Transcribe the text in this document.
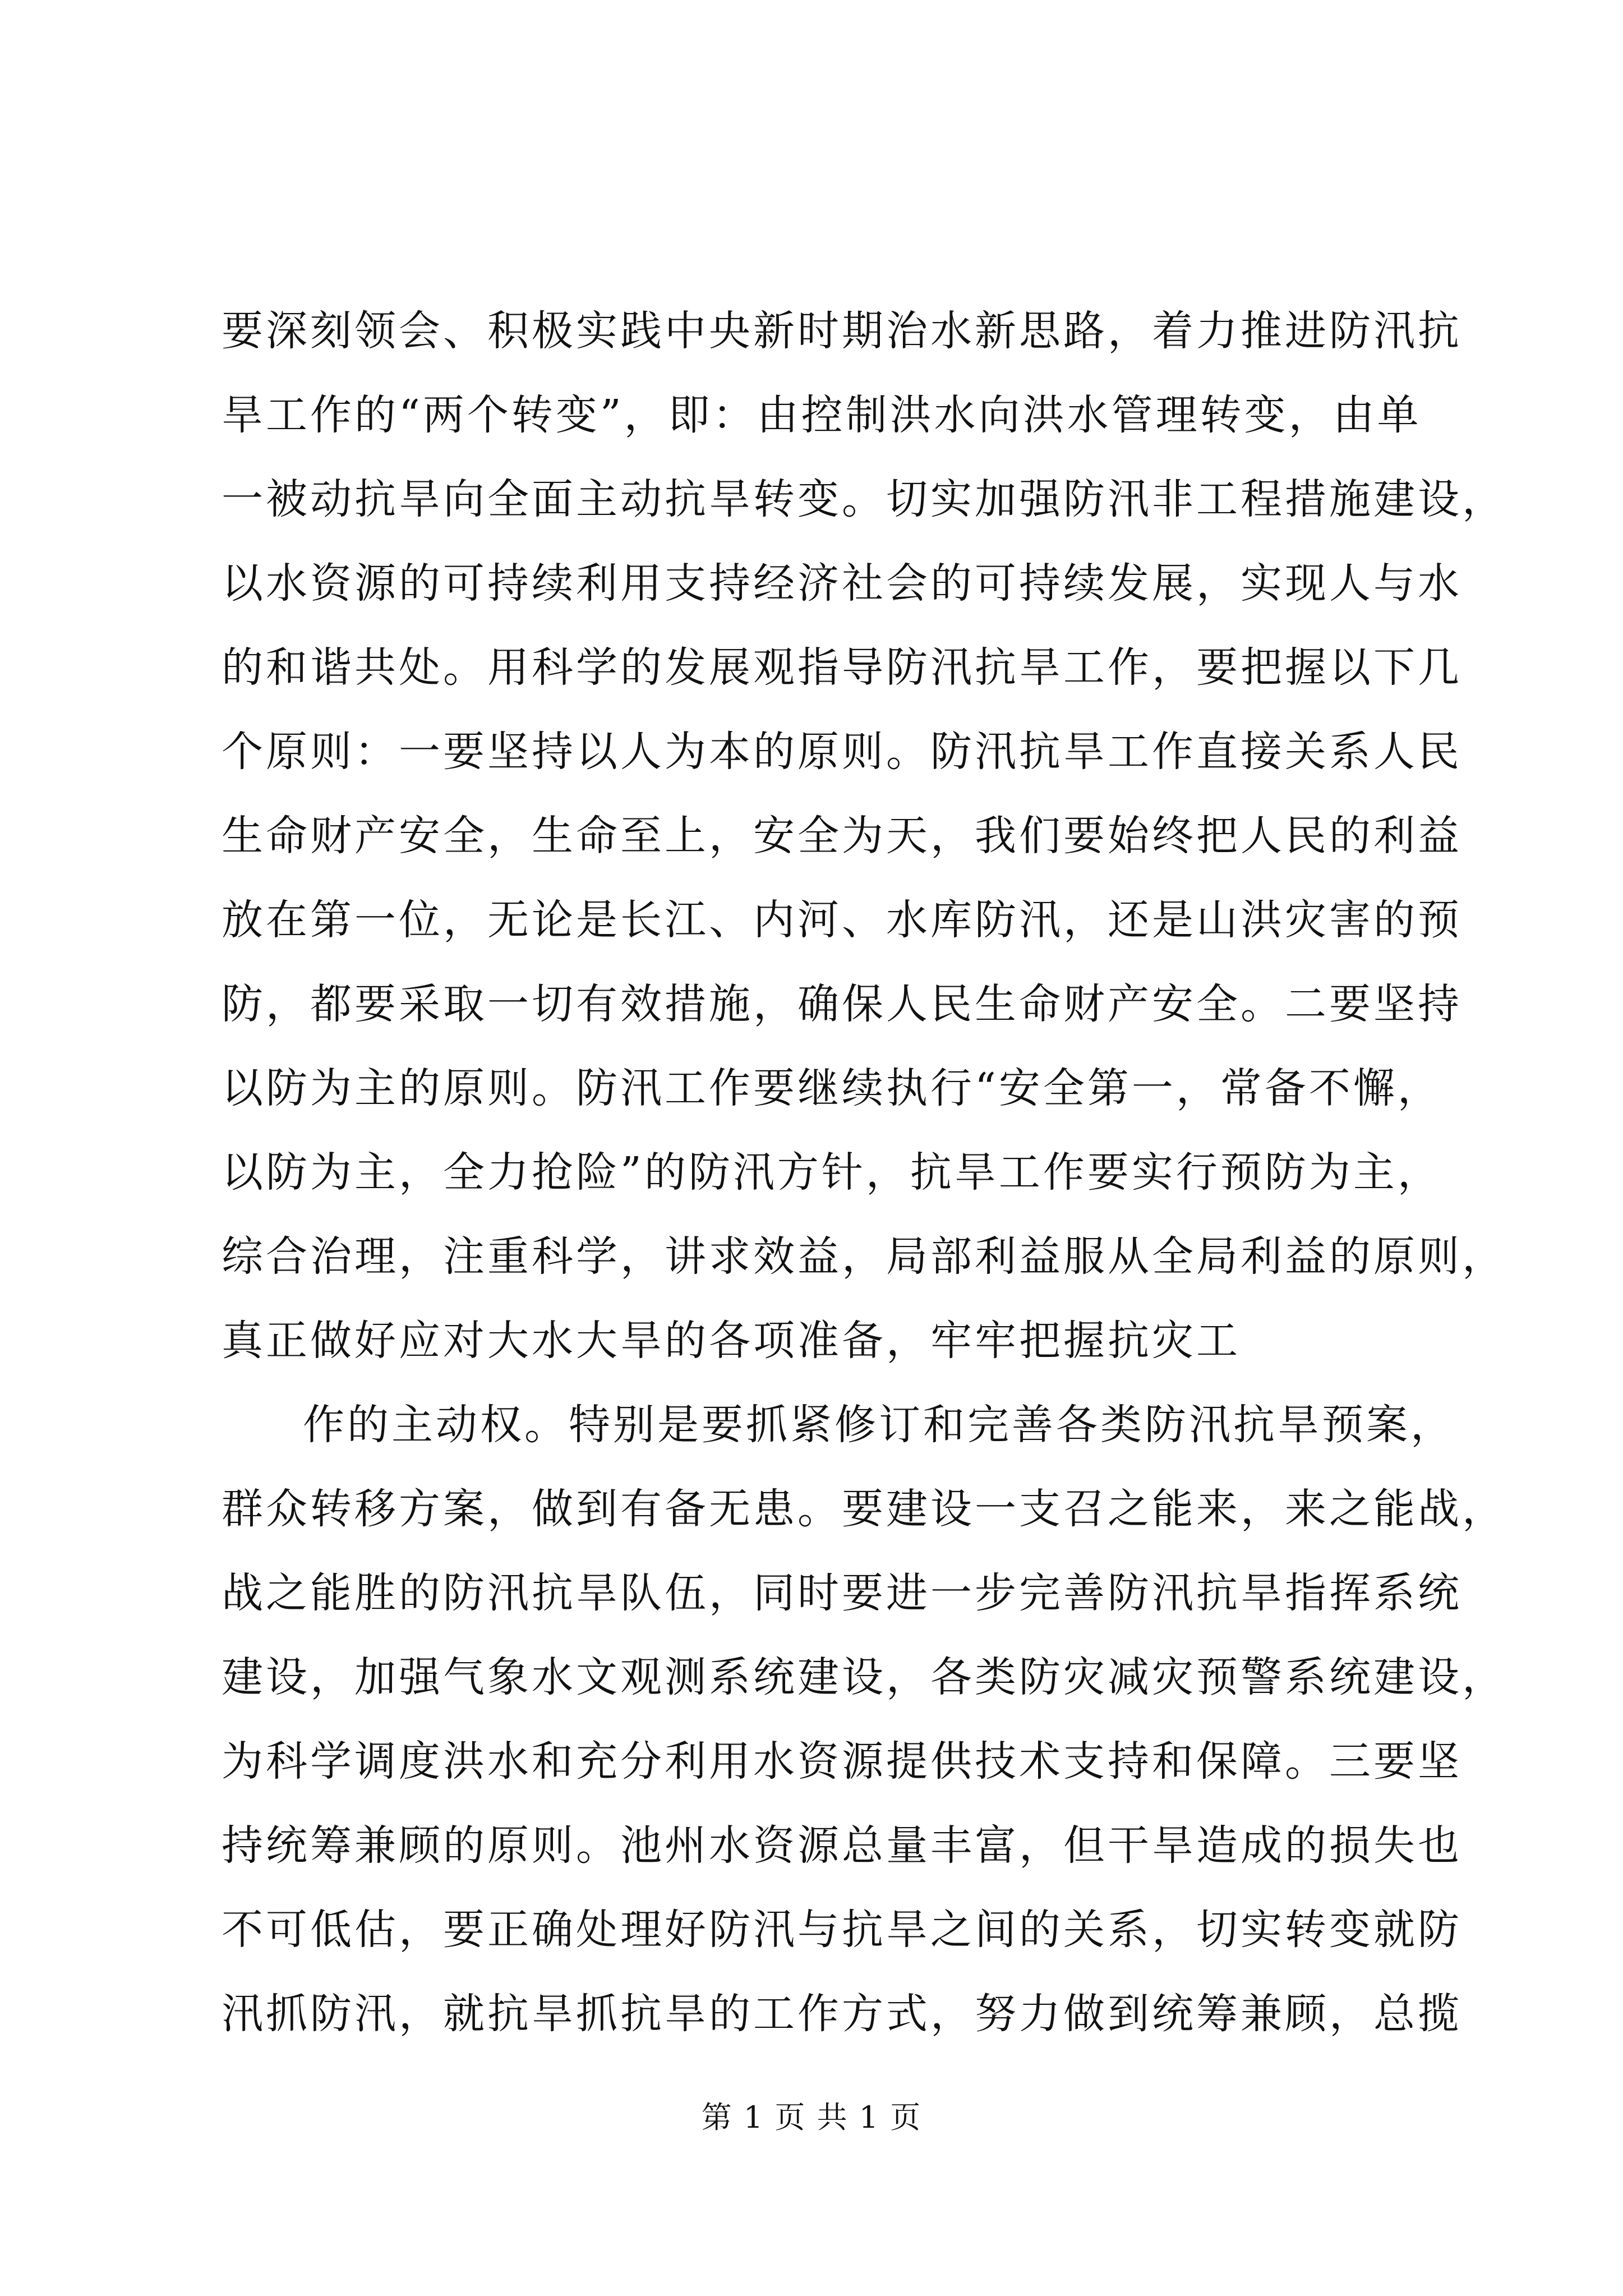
要深刻领会、积极实践中央新时期治水新思路，着力推进防汛抗
旱工作的“两个转变”，即：由控制洪水向洪水管理转变，由单
一被动抗旱向全面主动抗旱转变。切实加强防汛非工程措施建设，
以水资源的可持续利用支持经济社会的可持续发展，实现人与水
的和谐共处。用科学的发展观指导防汛抗旱工作，要把握以下几
个原则：一要坚持以人为本的原则。防汛抗旱工作直接关系人民
生命财产安全，生命至上，安全为天，我们要始终把人民的利益
放在第一位，无论是长江、内河、水库防汛，还是山洪灾害的预
防，都要采取一切有效措施，确保人民生命财产安全。二要坚持
以防为主的原则。防汛工作要继续执行“安全第一，常备不懈，
以防为主，全力抢险”的防汛方针，抗旱工作要实行预防为主，
综合治理，注重科学，讲求效益，局部利益服从全局利益的原则，
真正做好应对大水大旱的各项准备，牢牢把握抗灾工
作的主动权。特别是要抓紧修订和完善各类防汛抗旱预案，
群众转移方案，做到有备无患。要建设一支召之能来，来之能战，
战之能胜的防汛抗旱队伍，同时要进一步完善防汛抗旱指挥系统
建设，加强气象水文观测系统建设，各类防灾减灾预警系统建设，
为科学调度洪水和充分利用水资源提供技术支持和保障。三要坚
持统筹兼顾的原则。池州水资源总量丰富，但干旱造成的损失也
不可低估，要正确处理好防汛与抗旱之间的关系，切实转变就防
汛抓防汛，就抗旱抓抗旱的工作方式，努力做到统筹兼顾，总揽
第 1 页 共 1 页
